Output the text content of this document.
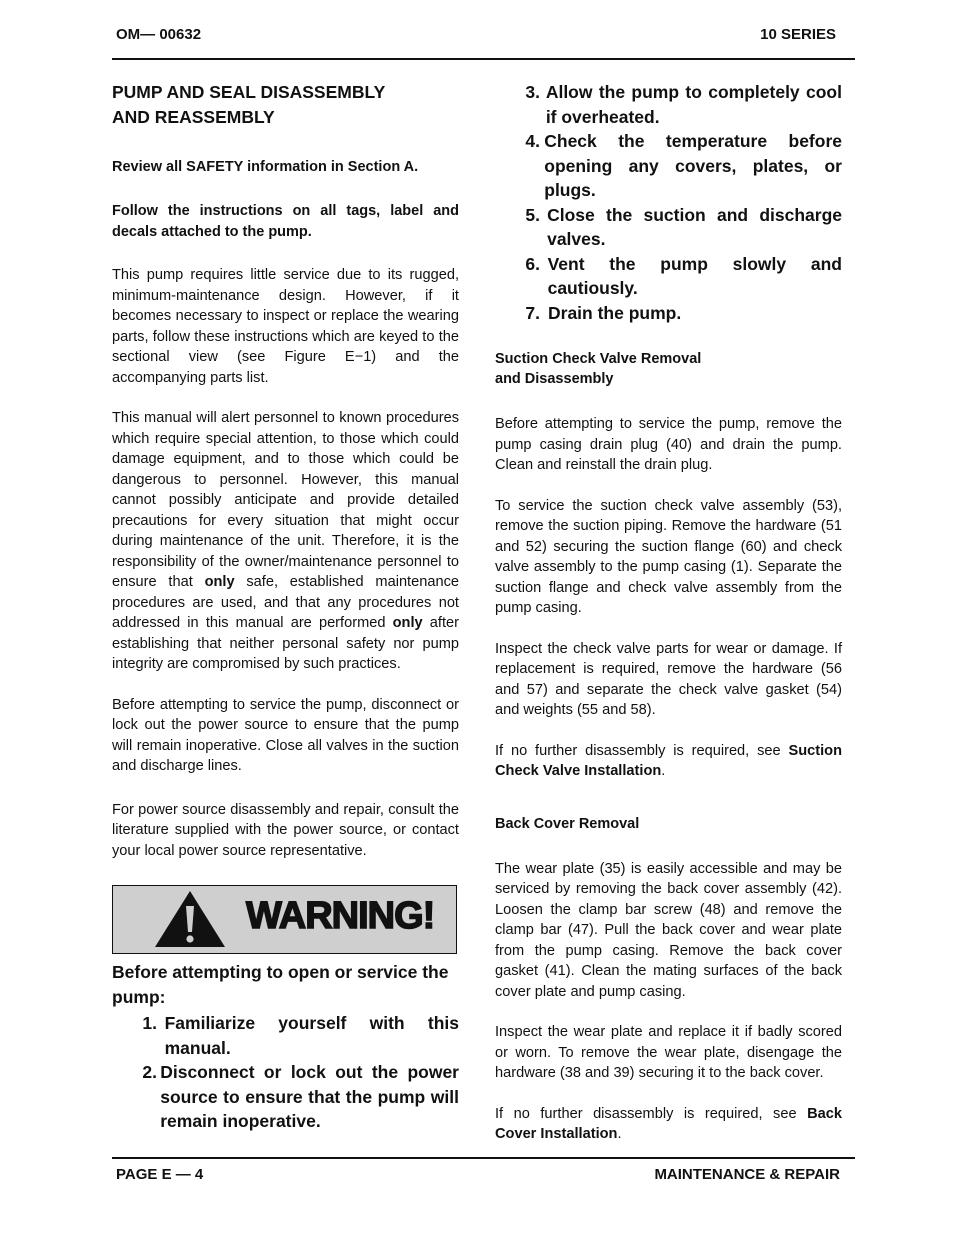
OM— 00632	10 SERIES

PUMP AND SEAL DISASSEMBLY
AND REASSEMBLY

Review all SAFETY information in Section A.

Follow the instructions on all tags, label and decals attached to the pump.

This pump requires little service due to its rugged, minimum-maintenance design. However, if it becomes necessary to inspect or replace the wearing parts, follow these instructions which are keyed to the sectional view (see Figure E−1) and the accompanying parts list.

This manual will alert personnel to known procedures which require special attention, to those which could damage equipment, and to those which could be dangerous to personnel. However, this manual cannot possibly anticipate and provide detailed precautions for every situation that might occur during maintenance of the unit. Therefore, it is the responsibility of the owner/maintenance personnel to ensure that only safe, established maintenance procedures are used, and that any procedures not addressed in this manual are performed only after establishing that neither personal safety nor pump integrity are compromised by such practices.

Before attempting to service the pump, disconnect or lock out the power source to ensure that the pump will remain inoperative. Close all valves in the suction and discharge lines.

For power source disassembly and repair, consult the literature supplied with the power source, or contact your local power source representative.

WARNING!

Before attempting to open or service the pump:

1. Familiarize yourself with this manual.
2. Disconnect or lock out the power source to ensure that the pump will remain inoperative.
3. Allow the pump to completely cool if overheated.
4. Check the temperature before opening any covers, plates, or plugs.
5. Close the suction and discharge valves.
6. Vent the pump slowly and cautiously.
7. Drain the pump.

Suction Check Valve Removal
and Disassembly

Before attempting to service the pump, remove the pump casing drain plug (40) and drain the pump. Clean and reinstall the drain plug.

To service the suction check valve assembly (53), remove the suction piping. Remove the hardware (51 and 52) securing the suction flange (60) and check valve assembly to the pump casing (1). Separate the suction flange and check valve assembly from the pump casing.

Inspect the check valve parts for wear or damage. If replacement is required, remove the hardware (56 and 57) and separate the check valve gasket (54) and weights (55 and 58).

If no further disassembly is required, see Suction Check Valve Installation.

Back Cover Removal

The wear plate (35) is easily accessible and may be serviced by removing the back cover assembly (42). Loosen the clamp bar screw (48) and remove the clamp bar (47). Pull the back cover and wear plate from the pump casing. Remove the back cover gasket (41). Clean the mating surfaces of the back cover plate and pump casing.

Inspect the wear plate and replace it if badly scored or worn. To remove the wear plate, disengage the hardware (38 and 39) securing it to the back cover.

If no further disassembly is required, see Back Cover Installation.

PAGE E — 4	MAINTENANCE & REPAIR
